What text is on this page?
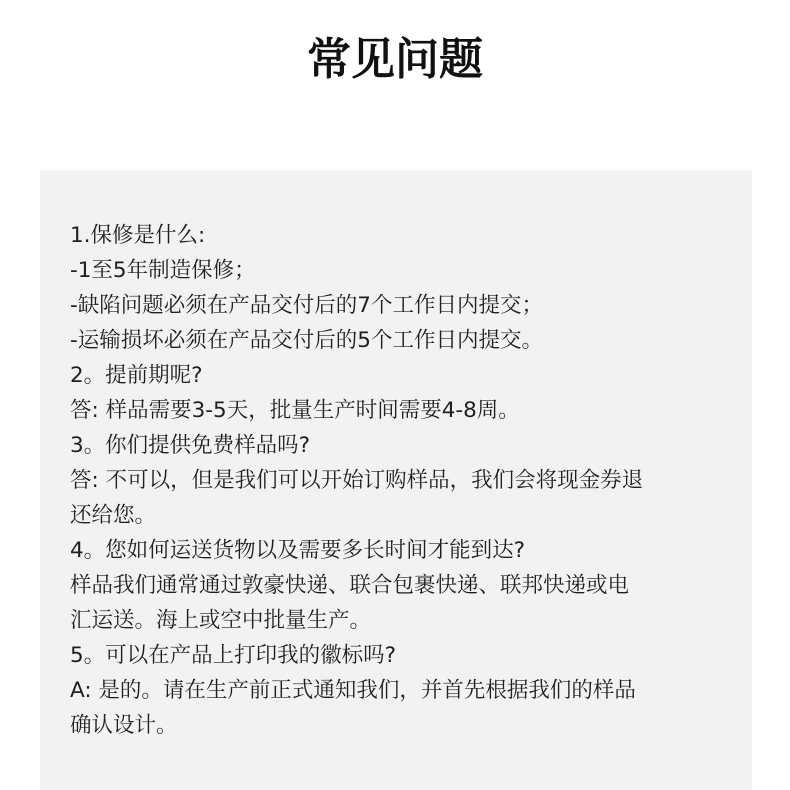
常见问题

1.保修是什么:

-1至5年制造保修；

-缺陷问题必须在产品交付后的7个工作日内提交；

-运输损坏必须在产品交付后的5个工作日内提交。

2。提前期呢?

答: 样品需要3-5天，批量生产时间需要4-8周。

3。你们提供免费样品吗?

答: 不可以，但是我们可以开始订购样品，我们会将现金券退

还给您。

4。您如何运送货物以及需要多长时间才能到达?

样品我们通常通过敦豪快递、联合包裹快递、联邦快递或电

汇运送。海上或空中批量生产。

5。可以在产品上打印我的徽标吗?

A: 是的。请在生产前正式通知我们，并首先根据我们的样品

确认设计。
